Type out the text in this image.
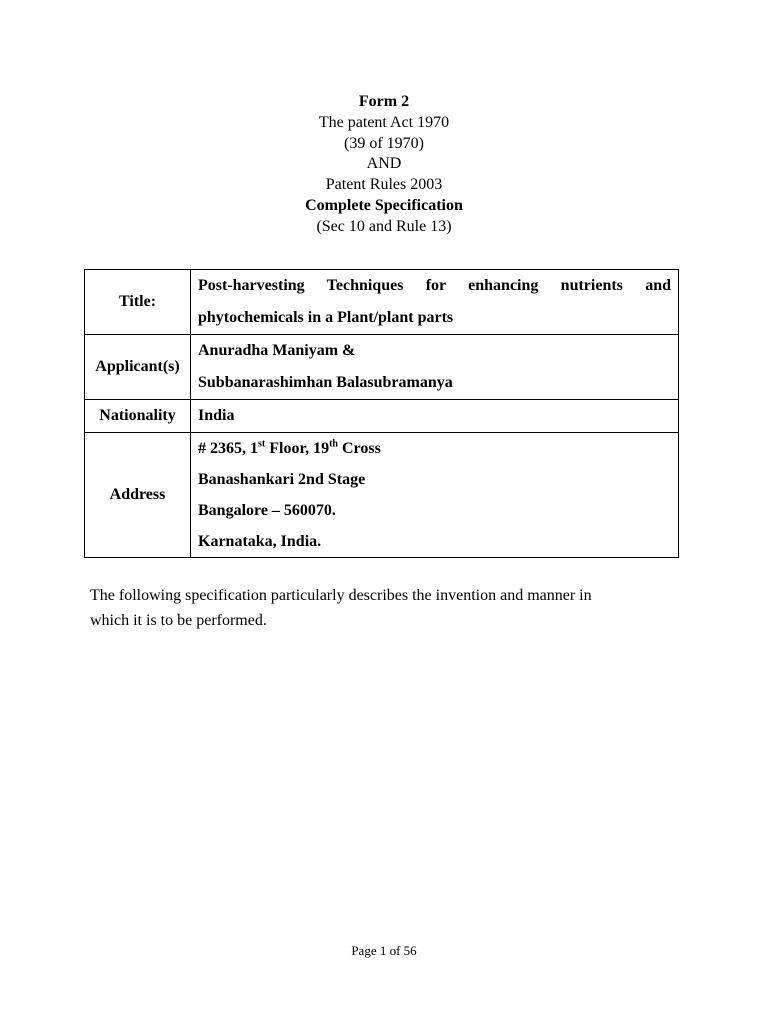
Form 2
The patent Act 1970
(39 of 1970)
AND
Patent Rules 2003
Complete Specification
(Sec 10 and Rule 13)
Title:	Post-harvesting Techniques for enhancing nutrients and
phytochemicals in a Plant/plant parts

Applicant(s)	Anuradha Maniyam &
Subbanarashimhan Balasubramanya

Nationality	India
Address	# 2365, 1st Floor, 19th Cross
Banashankari 2nd Stage
Bangalore – 560070.
Karnataka, India.
The following specification particularly describes the invention and manner in
which it is to be performed.
Page 1 of 56
